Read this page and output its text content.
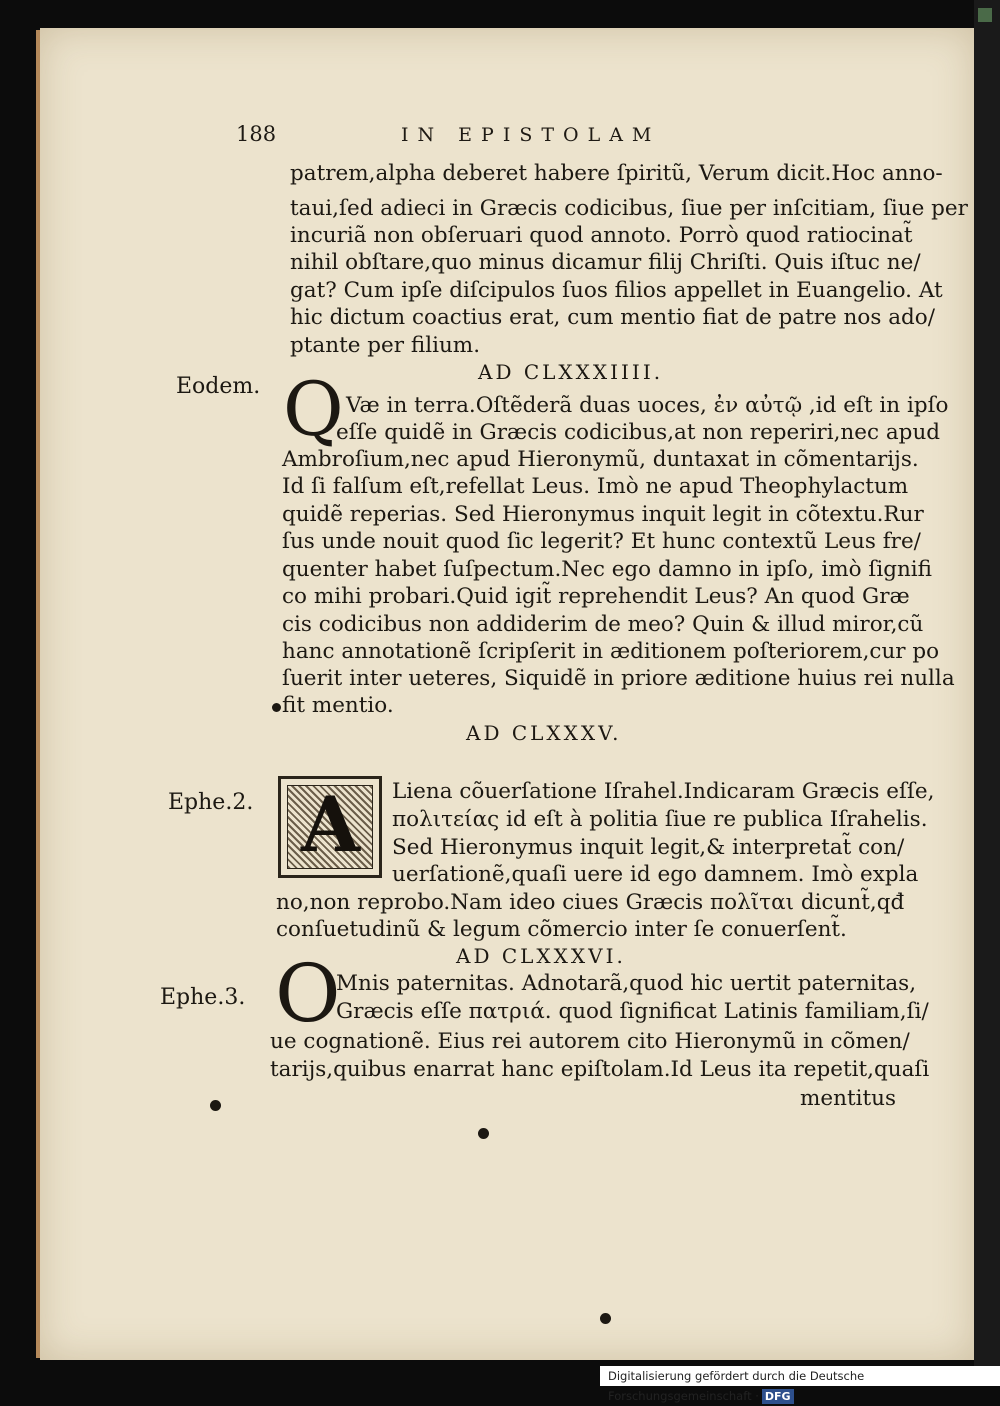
188	IN EPISTOLAM
patrem,alpha deberet habere ſpiritũ, Verum dicit.Hoc anno-
taui,ſed adieci in Græcis codicibus, ſiue per inſcitiam, ſiue per
incuriã non obſeruari quod annoto. Porrò quod ratiocinat̃
nihil obſtare,quo minus dicamur filij Chriſti. Quis iſtuc ne/
gat? Cum ipſe diſcipulos ſuos filios appellet in Euangelio. At
hic dictum coactius erat, cum mentio fiat de patre nos ado/
ptante per filium.
AD CLXXXIIII.
Eodem. Q Væ in terra.Oſtẽderã duas uoces, ἐν αὐτῷ ,id eſt in ipſo
eſſe quidẽ in Græcis codicibus,at non reperiri,nec apud
Ambroſium,nec apud Hieronymũ, duntaxat in cõmentarijs.
Id ſi falſum eſt,refellat Leus. Imò ne apud Theophylactum
quidẽ reperias. Sed Hieronymus inquit legit in cõtextu.Rur
ſus unde nouit quod ſic legerit? Et hunc contextũ Leus fre/
quenter habet ſuſpectum.Nec ego damno in ipſo, imò ſignifi
co mihi probari.Quid igit̃ reprehendit Leus? An quod Græ
cis codicibus non addiderim de meo? Quin & illud miror,cũ
hanc annotationẽ ſcripſerit in æditionem poſteriorem,cur po
ſuerit inter ueteres, Siquidẽ in priore æditione huius rei nulla
fit mentio.
AD CLXXXV.
Ephe.2. A Liena cõuerſatione Iſrahel.Indicaram Græcis eſſe,
πολιτείας id eſt à politia ſiue re publica Iſrahelis.
Sed Hieronymus inquit legit,& interpretat̃ con/
uerſationẽ,quaſi uere id ego damnem. Imò expla
no,non reprobo.Nam ideo ciues Græcis πολῖται dicunt̃,qđ
conſuetudinũ & legum cõmercio inter ſe conuerſent̃.
AD CLXXXVI.
Ephe.3. O
Mnis paternitas. Adnotarã,quod hic uertit paternitas,
Græcis eſſe πατριά. quod ſignificat Latinis familiam,ſi/
ue cognationẽ. Eius rei autorem cito Hieronymũ in cõmen/
tarijs,quibus enarrat hanc epiſtolam.Id Leus ita repetit,quaſi
mentitus
Digitalisierung gefördert durch die Deutsche Forschungsgemeinschaft · DFG
